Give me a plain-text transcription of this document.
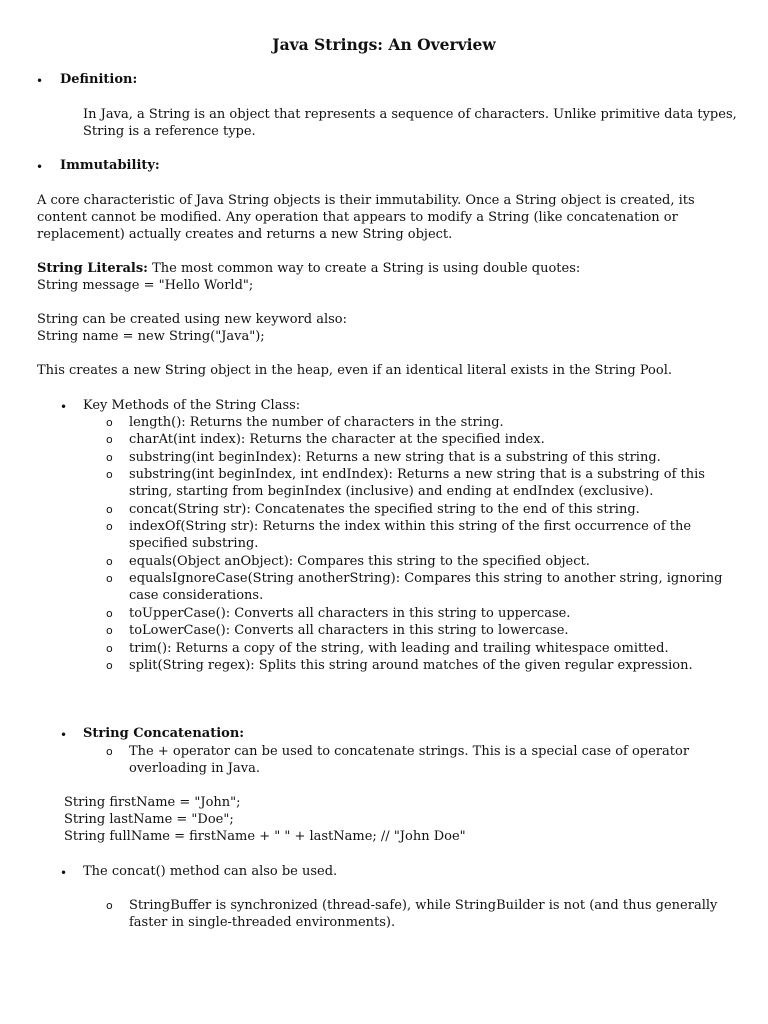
Java Strings: An Overview
• Definition:
In Java, a String is an object that represents a sequence of characters. Unlike primitive data types,
String is a reference type.
• Immutability:
A core characteristic of Java String objects is their immutability. Once a String object is created, its
content cannot be modified. Any operation that appears to modify a String (like concatenation or
replacement) actually creates and returns a new String object.
String Literals: The most common way to create a String is using double quotes:
String message = "Hello World";
String can be created using new keyword also:
String name = new String("Java");
This creates a new String object in the heap, even if an identical literal exists in the String Pool.
• Key Methods of the String Class:
o length(): Returns the number of characters in the string.
o charAt(int index): Returns the character at the specified index.
o substring(int beginIndex): Returns a new string that is a substring of this string.
o substring(int beginIndex, int endIndex): Returns a new string that is a substring of this
string, starting from beginIndex (inclusive) and ending at endIndex (exclusive).
o concat(String str): Concatenates the specified string to the end of this string.
o indexOf(String str): Returns the index within this string of the first occurrence of the
specified substring.
o equals(Object anObject): Compares this string to the specified object.
o equalsIgnoreCase(String anotherString): Compares this string to another string, ignoring
case considerations.
o toUpperCase(): Converts all characters in this string to uppercase.
o toLowerCase(): Converts all characters in this string to lowercase.
o trim(): Returns a copy of the string, with leading and trailing whitespace omitted.
o split(String regex): Splits this string around matches of the given regular expression.
• String Concatenation:
o The + operator can be used to concatenate strings. This is a special case of operator
overloading in Java.
String firstName = "John";
String lastName = "Doe";
String fullName = firstName + " " + lastName; // "John Doe"
• The concat() method can also be used.
o StringBuffer is synchronized (thread-safe), while StringBuilder is not (and thus generally
faster in single-threaded environments).
